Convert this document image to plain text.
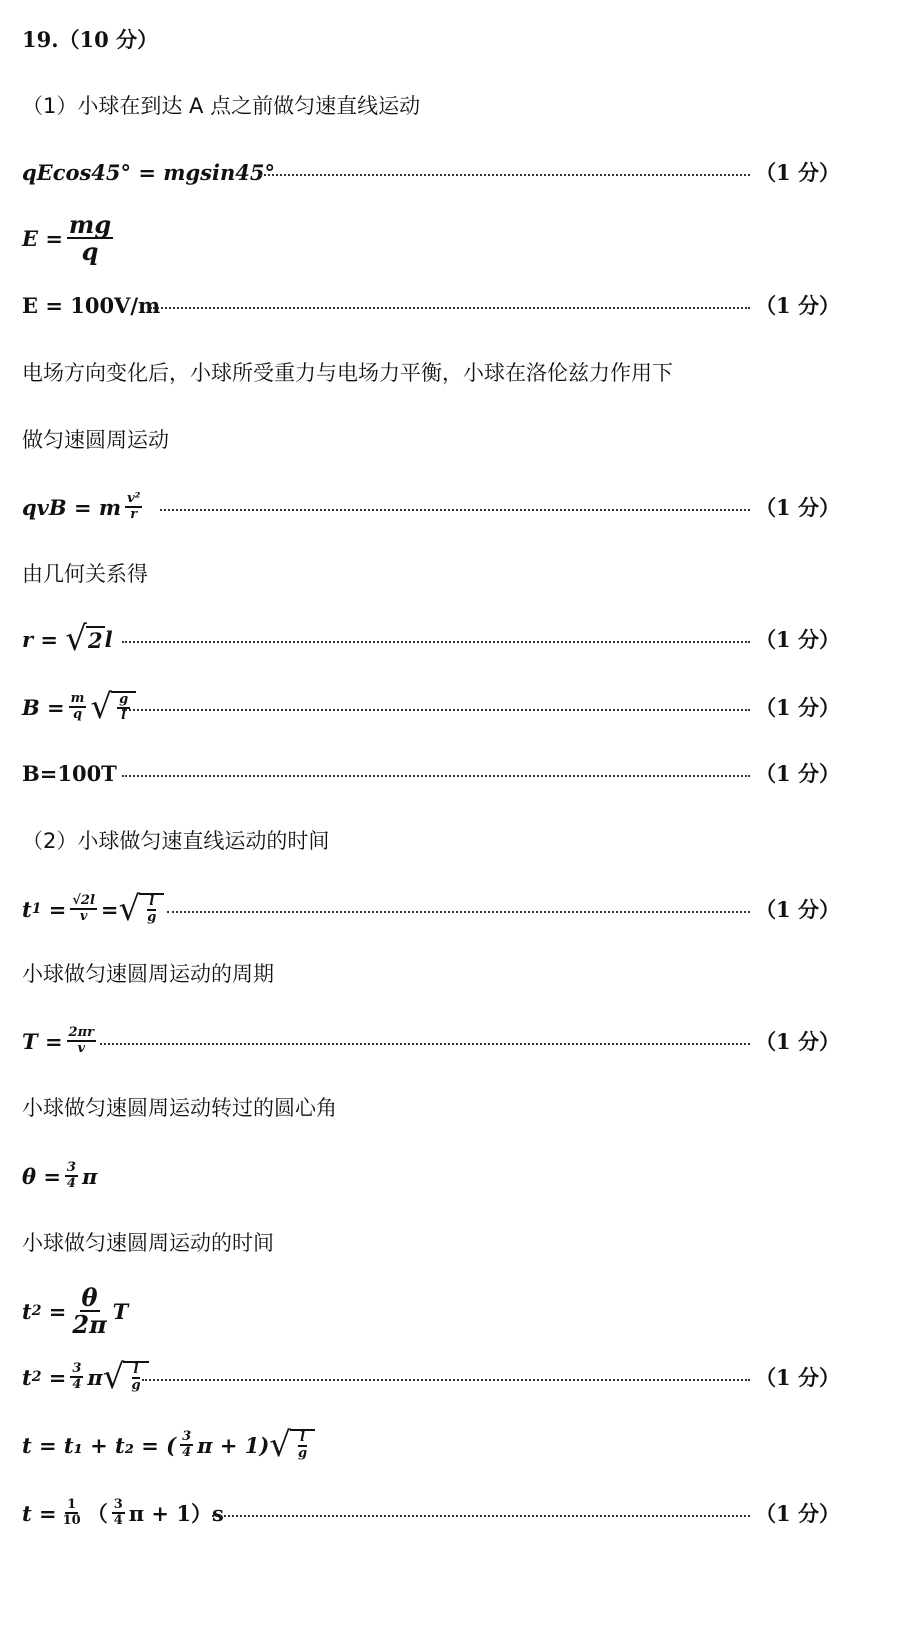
19.（10 分）
（1）小球在到达 A 点之前做匀速直线运动
qEcos45° = mgsin45°	（1 分）
$E = \frac{mg}{q}$
E = 100V/m	（1 分）
电场方向变化后，小球所受重力与电场力平衡，小球在洛伦兹力作用下
做匀速圆周运动
qvB = m $\frac{\text{v²}}{r}$	（1 分）
由几何关系得
r =
√ 2 l	（1 分）
$B = \frac{m}{q}$ √ $\frac{g}{l}$	（1 分）
B=100T	（1 分）
（2）小球做匀速直线运动的时间
t $1 = \frac{√2l}{v}$ = √ $\frac{l}{g}$	（1 分）
小球做匀速圆周运动的周期
$T = \frac{2\pi r}{v}$	（1 分）
小球做匀速圆周运动转过的圆心角
$\theta = \frac{3}{4}$ π
小球做匀速圆周运动的时间
t $2 = \frac{\theta}{2\pi}$ T
t $2 = \frac{3}{4}$ π √ $\frac{l}{g}$	（1 分）
t = t₁ + t₂ = ( $\frac{3}{4}$ π + 1) √ $\frac{l}{g}$
$t = \frac{1}{10}$ （ $\frac{3}{4}$ π + 1）s	（1 分）
